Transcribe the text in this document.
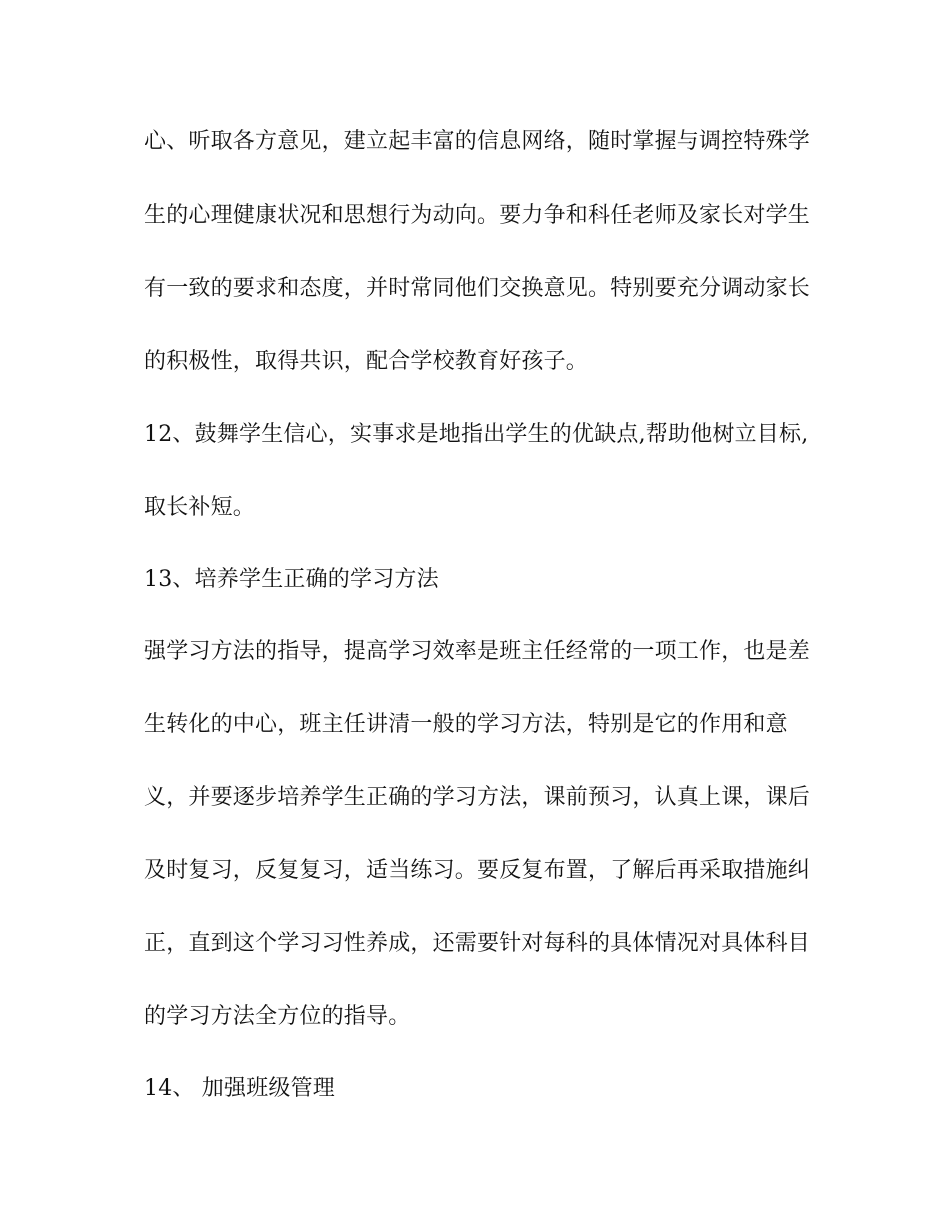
心、听取各方意见，建立起丰富的信息网络，随时掌握与调控特殊学
生的心理健康状况和思想行为动向。要力争和科任老师及家长对学生
有一致的要求和态度，并时常同他们交换意见。特别要充分调动家长
的积极性，取得共识，配合学校教育好孩子。
12、鼓舞学生信心，实事求是地指出学生的优缺点,帮助他树立目标,
取长补短。
13、培养学生正确的学习方法
强学习方法的指导，提高学习效率是班主任经常的一项工作，也是差
生转化的中心，班主任讲清一般的学习方法，特别是它的作用和意
义，并要逐步培养学生正确的学习方法，课前预习，认真上课，课后
及时复习，反复复习，适当练习。要反复布置，了解后再采取措施纠
正，直到这个学习习性养成，还需要针对每科的具体情况对具体科目
的学习方法全方位的指导。
14、 加强班级管理
